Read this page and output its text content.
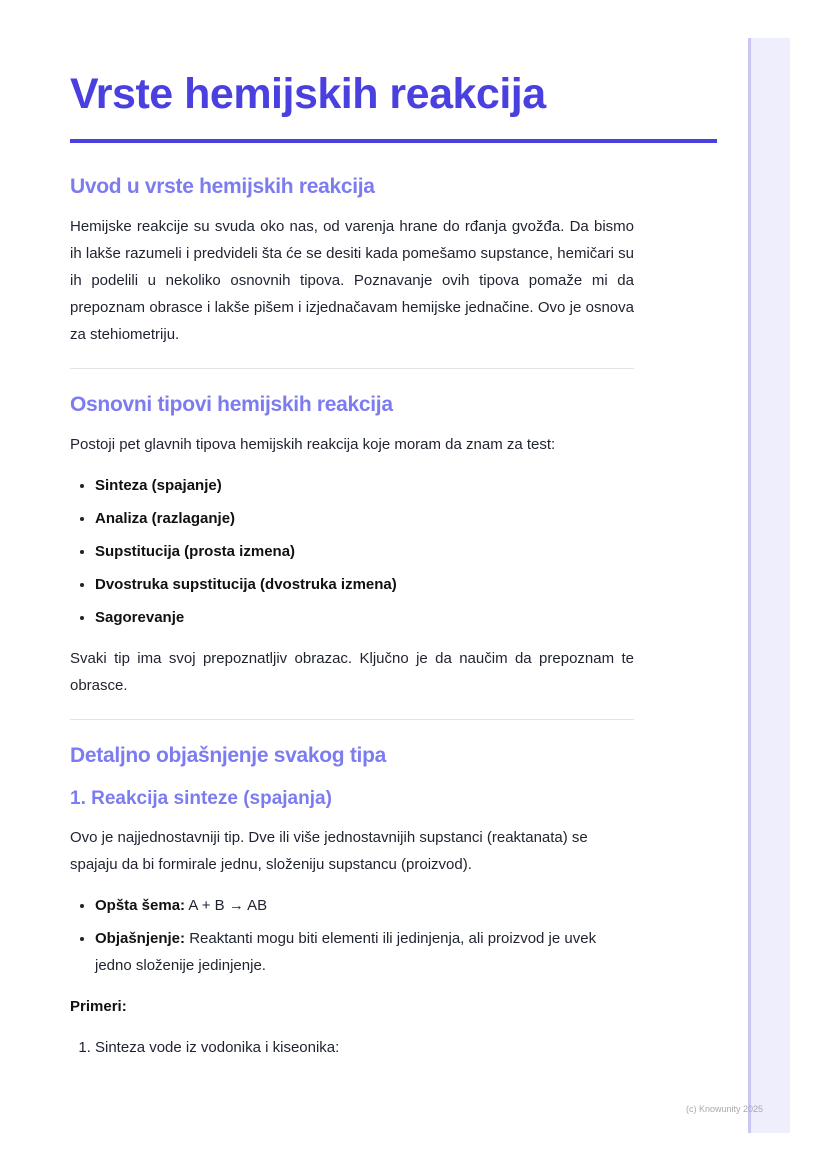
(c) Knowunity 2025
Vrste hemijskih reakcija
Uvod u vrste hemijskih reakcija

Hemijske reakcije su svuda oko nas, od varenja hrane do rđanja gvožđa. Da bismo ih lakše razumeli i predvideli šta će se desiti kada pomešamo supstance, hemičari su ih podelili u nekoliko osnovnih tipova. Poznavanje ovih tipova pomaže mi da prepoznam obrasce i lakše pišem i izjednačavam hemijske jednačine. Ovo je osnova za stehiometriju.

Osnovni tipovi hemijskih reakcija

Postoji pet glavnih tipova hemijskih reakcija koje moram da znam za test:

• Sinteza (spajanje)
• Analiza (razlaganje)
• Supstitucija (prosta izmena)
• Dvostruka supstitucija (dvostruka izmena)
• Sagorevanje

Svaki tip ima svoj prepoznatljiv obrazac. Ključno je da naučim da prepoznam te obrasce.

Detaljno objašnjenje svakog tipa
1. Reakcija sinteze (spajanja)

Ovo je najjednostavniji tip. Dve ili više jednostavnijih supstanci (reaktanata) se spajaju da bi formirale jednu, složeniju supstancu (proizvod).

• Opšta šema: A + B → AB
• Objašnjenje: Reaktanti mogu biti elementi ili jedinjenja, ali proizvod je uvek jedno složenije jedinjenje.

Primeri:

1. Sinteza vode iz vodonika i kiseonika:
